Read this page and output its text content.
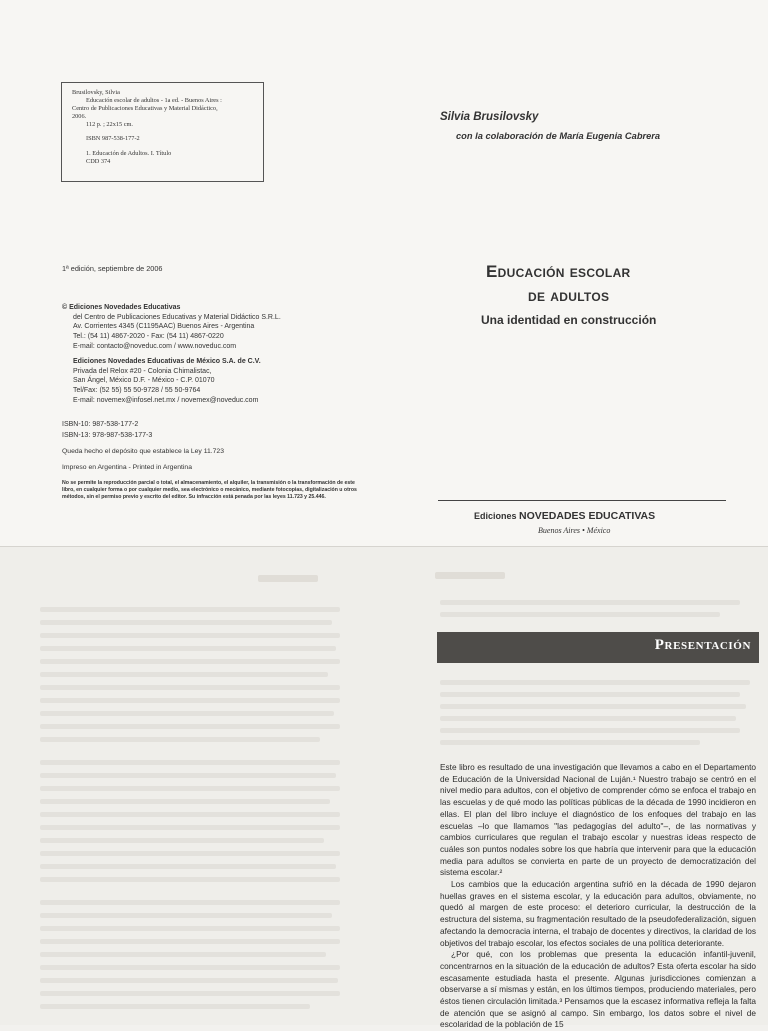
Brusilovsky, Silvia
Educación escolar de adultos - 1a ed. - Buenos Aires :
Centro de Publicaciones Educativas y Material Didáctico,
2006.
112 p. ; 22x15 cm.
ISBN 987-538-177-2
1. Educación de Adultos. I. Título
CDD 374
Silvia Brusilovsky
con la colaboración de María Eugenia Cabrera
Educación escolar
de adultos
Una identidad en construcción
1ª edición, septiembre de 2006
© Ediciones Novedades Educativas
del Centro de Publicaciones Educativas y Material Didáctico S.R.L.
Av. Corrientes 4345 (C1195AAC) Buenos Aires - Argentina
Tel.: (54 11) 4867-2020 - Fax: (54 11) 4867-0220
E-mail: contacto@noveduc.com / www.noveduc.com
Ediciones Novedades Educativas de México S.A. de C.V.
Privada del Relox #20 - Colonia Chimalistac,
San Ángel, México D.F. - México - C.P. 01070
Tel/Fax: (52 55) 55 50-9728 / 55 50-9764
E-mail: novemex@infosel.net.mx / novemex@noveduc.com
ISBN-10: 987-538-177-2
ISBN-13: 978-987-538-177-3
Queda hecho el depósito que establece la Ley 11.723
Impreso en Argentina - Printed in Argentina
No se permite la reproducción parcial o total, el almacenamiento, el alquiler, la transmisión o la transformación de este libro, en cualquier forma o por cualquier medio, sea electrónico o mecánico, mediante fotocopias, digitalización u otros métodos, sin el permiso previo y escrito del editor. Su infracción está penada por las leyes 11.723 y 25.446.
Ediciones NOVEDADES EDUCATIVAS
Buenos Aires • México
Presentación

Este libro es resultado de una investigación que llevamos a cabo en el Departamento de Educación de la Universidad Nacional de Luján.¹ Nuestro trabajo se centró en el nivel medio para adultos, con el objetivo de comprender cómo se enfoca el trabajo en las escuelas y de qué modo las políticas públicas de la década de 1990 incidieron en ellas. El plan del libro incluye el diagnóstico de los enfoques del trabajo en las escuelas –lo que llamamos "las pedagogías del adulto"–, de las normativas y cambios curriculares que regulan el trabajo escolar y nuestras ideas respecto de cuáles son puntos nodales sobre los que habría que intervenir para que la educación media para adultos se convierta en parte de un proyecto de democratización del sistema escolar.²

Los cambios que la educación argentina sufrió en la década de 1990 dejaron huellas graves en el sistema escolar, y la educación para adultos, obviamente, no quedó al margen de este proceso: el deterioro curricular, la destrucción de la estructura del sistema, su fragmentación resultado de la pseudofederalización, siguen afectando la democracia interna, el trabajo de docentes y directivos, la claridad de los objetivos del trabajo escolar, los efectos sociales de una política deteriorante.

¿Por qué, con los problemas que presenta la educación infantil-juvenil, concentrarnos en la situación de la educación de adultos? Esta oferta escolar ha sido escasamente estudiada hasta el presente. Algunas jurisdicciones comienzan a observarse a sí mismas y están, en los últimos tiempos, produciendo materiales, pero éstos tienen circulación limitada.³ Pensamos que la escasez informativa refleja la falta de atención que se asignó al campo. Sin embargo, los datos sobre el nivel de escolaridad de la población de 15
